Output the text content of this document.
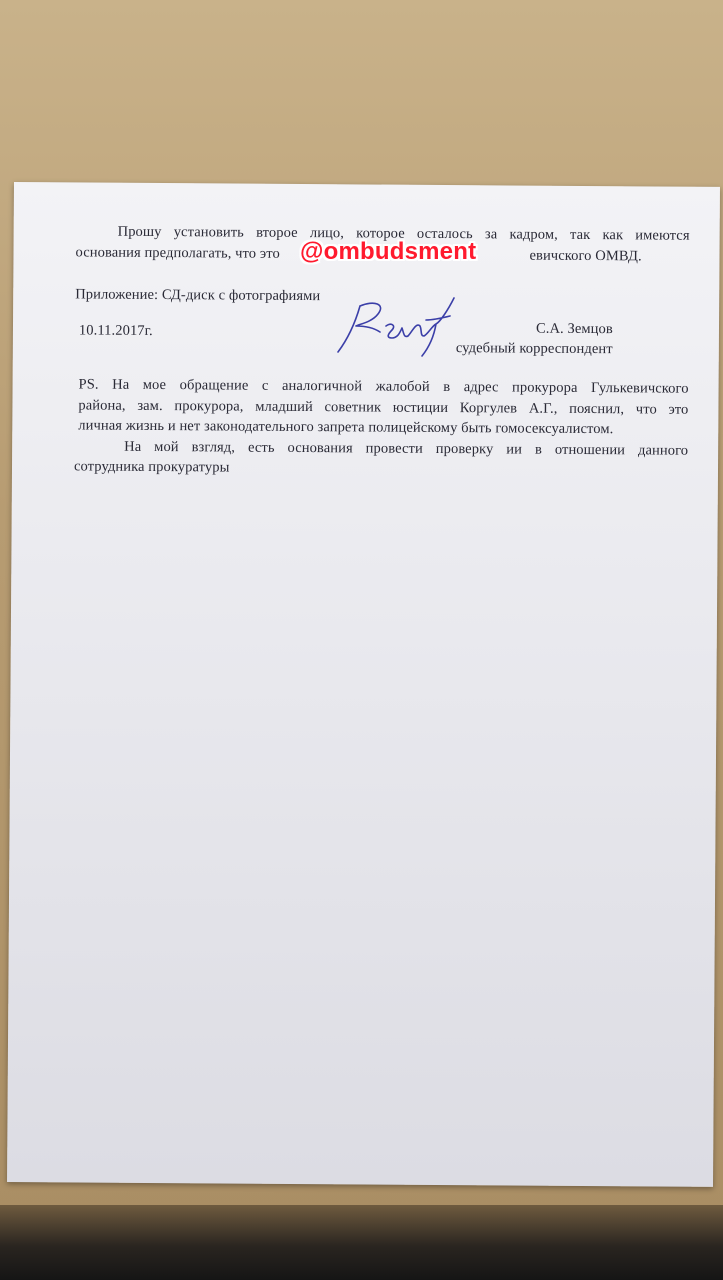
Прошу установить второе лицо, которое осталось за кадром, так как имеются
основания предполагать, что это	евичского ОМВД.
Приложение: СД-диск с фотографиями
10.11.2017г.	С.А. Земцов
судебный корреспондент
PS. На мое обращение с аналогичной жалобой в адрес прокурора Гулькевичского
района, зам. прокурора, младший советник юстиции Коргулев А.Г., пояснил, что это
личная жизнь и нет законодательного запрета полицейскому быть гомосексуалистом.
На мой взгляд, есть основания провести проверку ии в отношении данного
сотрудника прокуратуры
@ombudsment
